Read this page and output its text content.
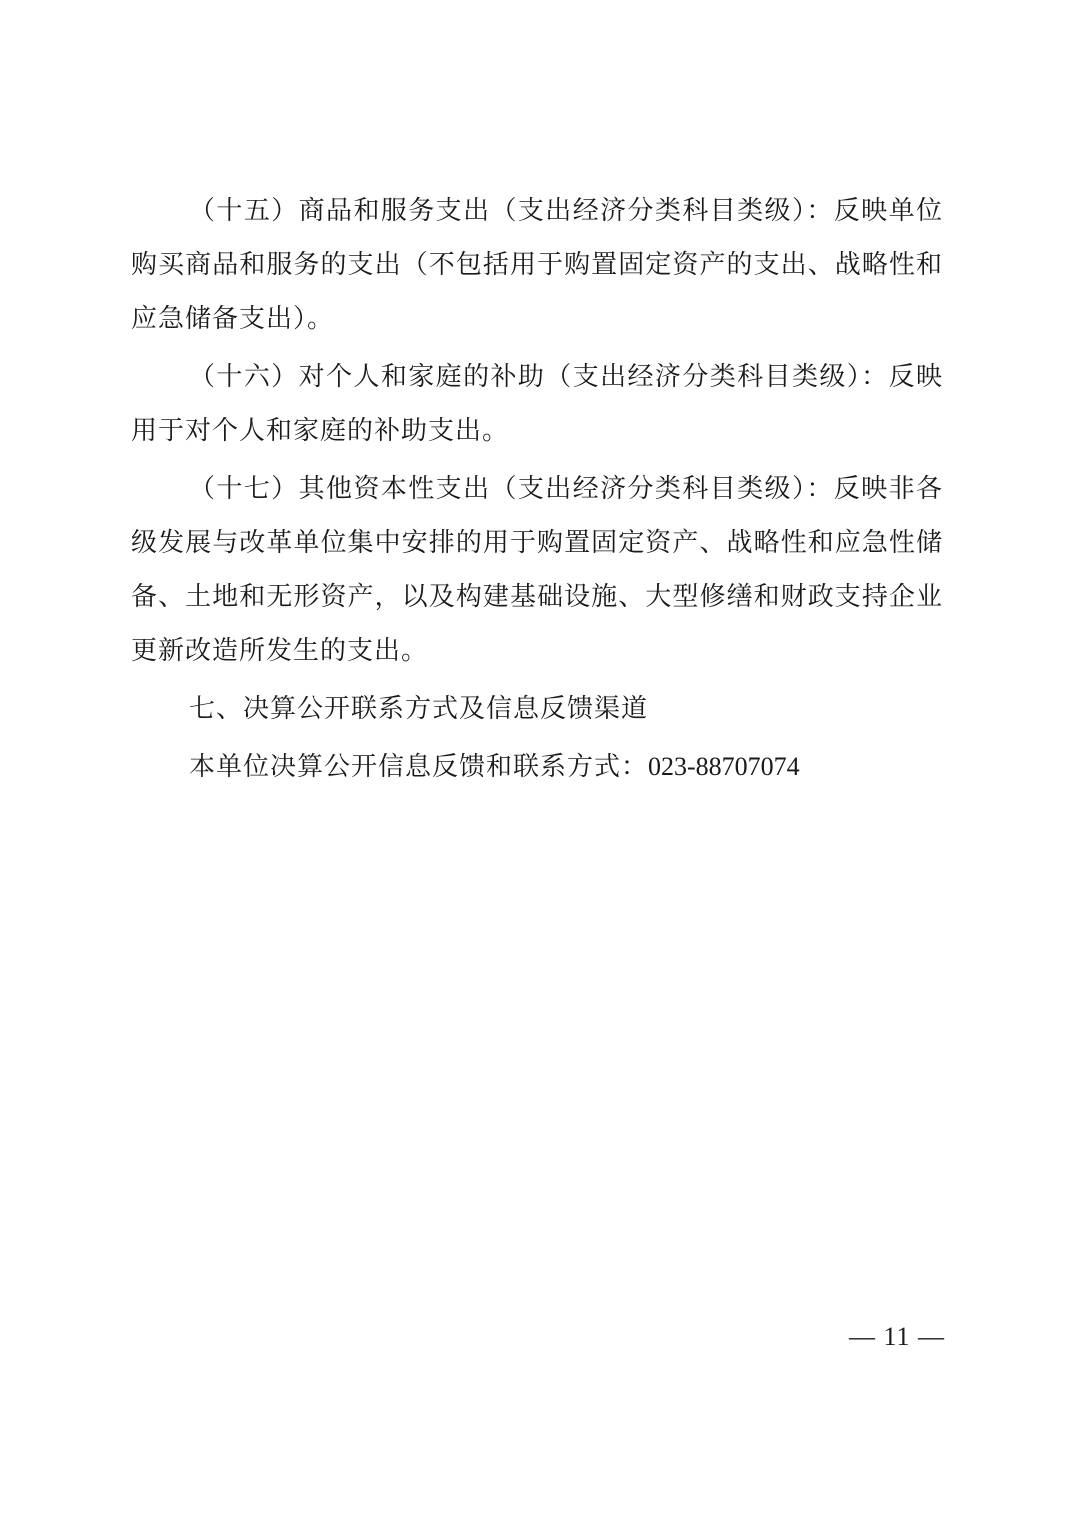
（十五）商品和服务支出（支出经济分类科目类级）：反映单位购买商品和服务的支出（不包括用于购置固定资产的支出、战略性和应急储备支出）。

（十六）对个人和家庭的补助（支出经济分类科目类级）：反映用于对个人和家庭的补助支出。

（十七）其他资本性支出（支出经济分类科目类级）：反映非各级发展与改革单位集中安排的用于购置固定资产、战略性和应急性储备、土地和无形资产，以及构建基础设施、大型修缮和财政支持企业更新改造所发生的支出。

七、决算公开联系方式及信息反馈渠道

本单位决算公开信息反馈和联系方式：023-88707074

— 11 —
